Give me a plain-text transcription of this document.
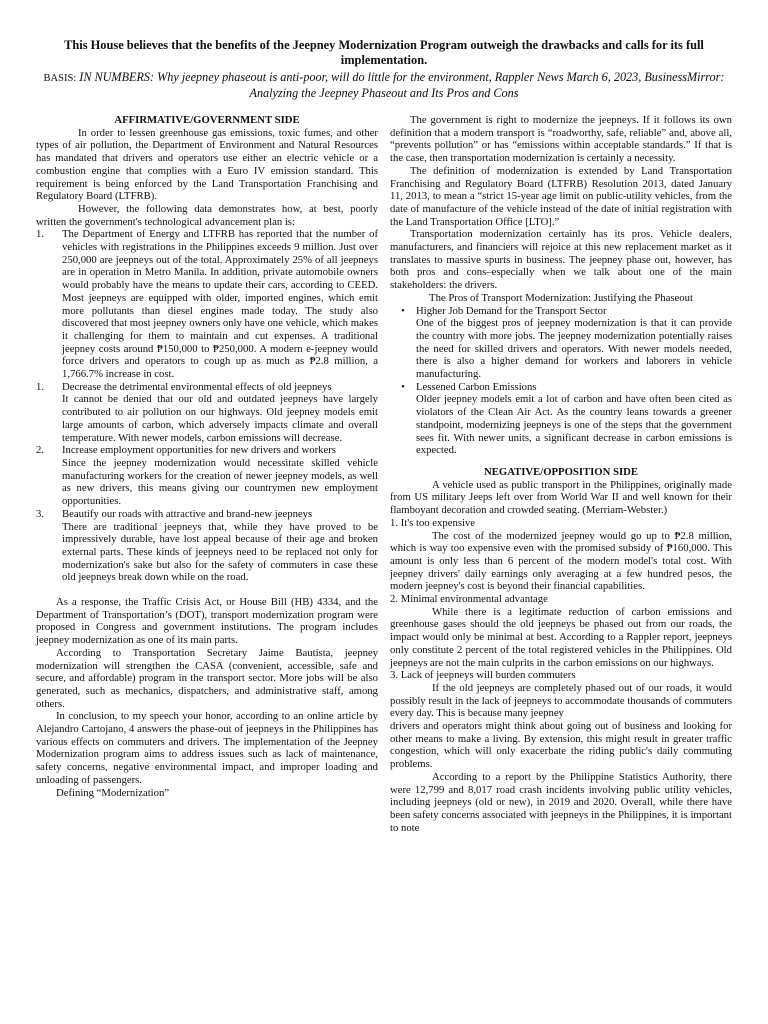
This House believes that the benefits of the Jeepney Modernization Program outweigh the drawbacks and calls for its full implementation.
BASIS: IN NUMBERS: Why jeepney phaseout is anti-poor, will do little for the environment, Rappler News March 6, 2023, BusinessMirror: Analyzing the Jeepney Phaseout and Its Pros and Cons

AFFIRMATIVE/GOVERNMENT SIDE

In order to lessen greenhouse gas emissions, toxic fumes, and other types of air pollution, the Department of Environment and Natural Resources has mandated that drivers and operators use either an electric vehicle or a combustion engine that complies with a Euro IV emission standard. This requirement is being enforced by the Land Transportation Franchising and Regulatory Board (LTFRB).

However, the following data demonstrates how, at best, poorly written the government's technological advancement plan is:

1.	The Department of Energy and LTFRB has reported that the number of vehicles with registrations in the Philippines exceeds 9 million. Just over 250,000 are jeepneys out of the total. Approximately 25% of all jeepneys are in operation in Metro Manila. In addition, private automobile owners would probably have the means to update their cars, according to CEED. Most jeepneys are equipped with older, imported engines, which emit more pollutants than diesel engines made today. The study also discovered that most jeepney owners only have one vehicle, which makes it challenging for them to maintain and cut expenses. A traditional jeepney costs around ₱150,000 to ₱250,000. A modern e-jeepney would force drivers and operators to cough up as much as ₱2.8 million, a 1,766.7% increase in cost.
1.	Decrease the detrimental environmental effects of old jeepneys

It cannot be denied that our old and outdated jeepneys have largely contributed to air pollution on our highways. Old jeepney models emit large amounts of carbon, which adversely impacts climate and overall temperature. With newer models, carbon emissions will decrease.

2.	Increase employment opportunities for new drivers and workers

Since the jeepney modernization would necessitate skilled vehicle manufacturing workers for the creation of newer jeepney models, as well as new drivers, this means giving our countrymen new employment opportunities.

3.	Beautify our roads with attractive and brand-new jeepneys

There are traditional jeepneys that, while they have proved to be impressively durable, have lost appeal because of their age and broken external parts. These kinds of jeepneys need to be replaced not only for modernization's sake but also for the safety of commuters in case these old jeepneys break down while on the road.

As a response, the Traffic Crisis Act, or House Bill (HB) 4334, and the Department of Transportation’s (DOT), transport modernization program were proposed in Congress and government institutions. The program includes jeepney modernization as one of its main parts.

According to Transportation Secretary Jaime Bautista, jeepney modernization will strengthen the CASA (convenient, accessible, safe and secure, and affordable) program in the transport sector. More jobs will be also generated, such as mechanics, dispatchers, and administrative staff, among others.

In conclusion, to my speech your honor, according to an online article by Alejandro Cartojano, 4 answers the phase-out of jeepneys in the Philippines has various effects on commuters and drivers. The implementation of the Jeepney Modernization program aims to address issues such as lack of maintenance, safety concerns, negative environmental impact, and improper loading and unloading of passengers.

Defining “Modernization”

The government is right to modernize the jeepneys. If it follows its own definition that a modern transport is “roadworthy, safe, reliable” and, above all, “prevents pollution” or has “emissions within acceptable standards.” If that is the case, then transportation modernization is certainly a necessity.

The definition of modernization is extended by Land Transportation Franchising and Regulatory Board (LTFRB) Resolution 2013, dated January 11, 2013, to mean a “strict 15-year age limit on public-utility vehicles, from the date of manufacture of the vehicle instead of the date of initial registration with the Land Transportation Office [LTO].”

Transportation modernization certainly has its pros. Vehicle dealers, manufacturers, and financiers will rejoice at this new replacement market as it translates to massive spurts in business. The jeepney phase out, however, has both pros and cons–especially when we talk about one of the main stakeholders: the drivers.

The Pros of Transport Modernization: Justifying the Phaseout

•	Higher Job Demand for the Transport Sector

One of the biggest pros of jeepney modernization is that it can provide the country with more jobs. The jeepney modernization potentially raises the need for skilled drivers and operators. With newer models needed, there is also a higher demand for workers and laborers in vehicle manufacturing.

•	Lessened Carbon Emissions

Older jeepney models emit a lot of carbon and have often been cited as violators of the Clean Air Act. As the country leans towards a greener standpoint, modernizing jeepneys is one of the steps that the government sees fit. With newer units, a significant decrease in carbon emissions is expected.

NEGATIVE/OPPOSITION SIDE

A vehicle used as public transport in the Philippines, originally made from US military Jeeps left over from World War II and well known for their flamboyant decoration and crowded seating. (Merriam-Webster.)

1. It's too expensive

The cost of the modernized jeepney would go up to ₱2.8 million, which is way too expensive even with the promised subsidy of ₱160,000. This amount is only less than 6 percent of the modern model's total cost. With jeepney drivers' daily earnings only averaging at a few hundred pesos, the modern jeepney's cost is beyond their financial capabilities.

2. Minimal environmental advantage

While there is a legitimate reduction of carbon emissions and greenhouse gases should the old jeepneys be phased out from our roads, the impact would only be minimal at best. According to a Rappler report, jeepneys only constitute 2 percent of the total registered vehicles in the Philippines. Old jeepneys are not the main culprits in the carbon emissions on our highways.

3. Lack of jeepneys will burden commuters

If the old jeepneys are completely phased out of our roads, it would possibly result in the lack of jeepneys to accommodate thousands of commuters every day. This is because many jeepney

drivers and operators might think about going out of business and looking for other means to make a living. By extension, this might result in greater traffic congestion, which will only exacerbate the riding public's daily commuting problems.

According to a report by the Philippine Statistics Authority, there were 12,799 and 8,017 road crash incidents involving public utility vehicles, including jeepneys (old or new), in 2019 and 2020. Overall, while there have been safety concerns associated with jeepneys in the Philippines, it is important to note
